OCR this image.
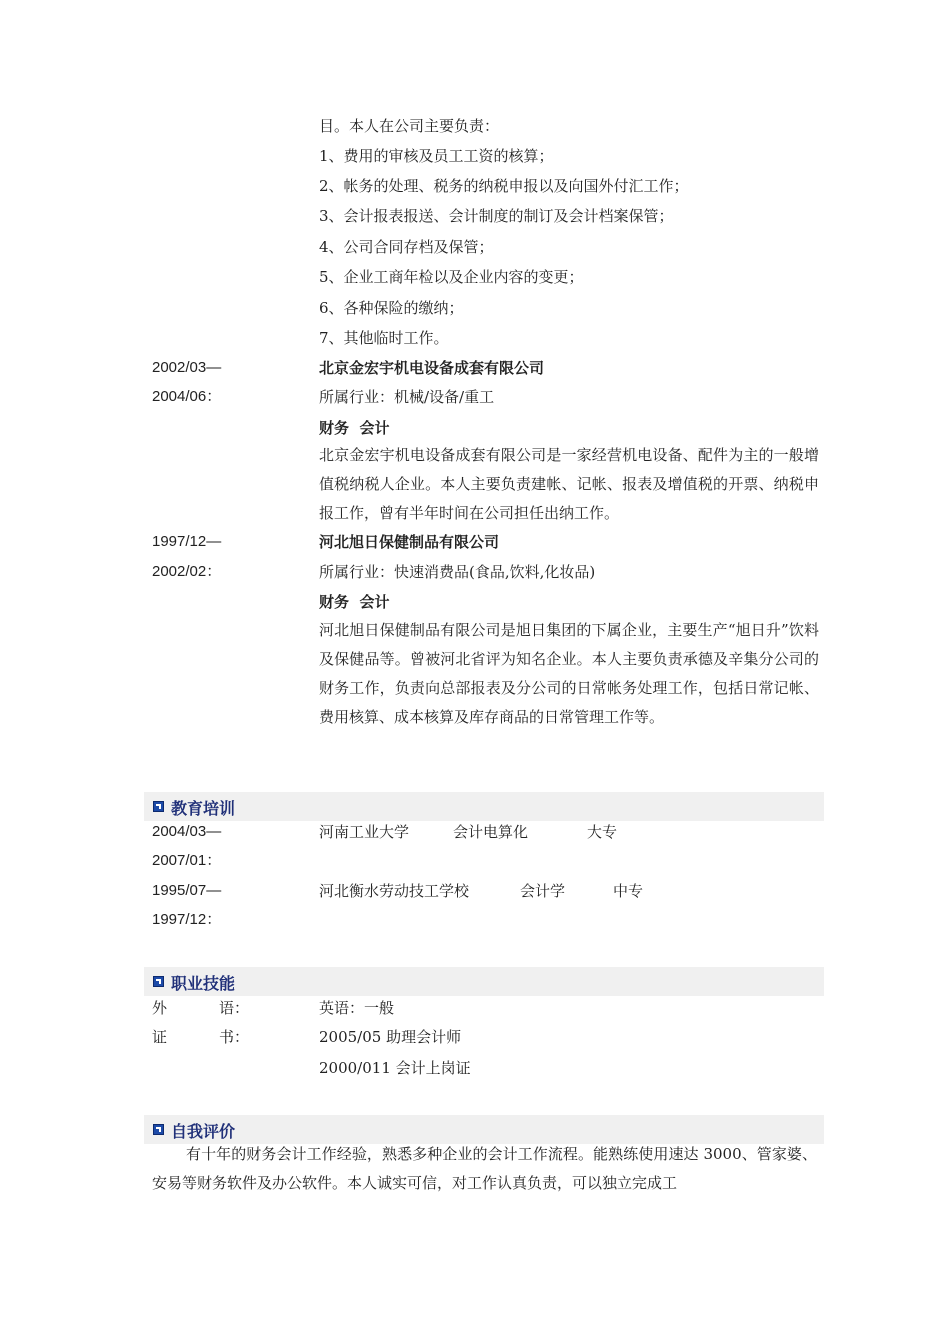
目。本人在公司主要负责：
1、费用的审核及员工工资的核算；
2、帐务的处理、税务的纳税申报以及向国外付汇工作；
3、会计报表报送、会计制度的制订及会计档案保管；
4、公司合同存档及保管；
5、企业工商年检以及企业内容的变更；
6、各种保险的缴纳；
7、其他临时工作。
2002/03—	北京金宏宇机电设备成套有限公司
2004/06：	所属行业：机械/设备/重工
财务  会计
北京金宏宇机电设备成套有限公司是一家经营机电设备、配件为主的一般增值税纳税人企业。本人主要负责建帐、记帐、报表及增值税的开票、纳税申报工作，曾有半年时间在公司担任出纳工作。
1997/12—	河北旭日保健制品有限公司
2002/02：	所属行业：快速消费品(食品,饮料,化妆品)
财务  会计
河北旭日保健制品有限公司是旭日集团的下属企业，主要生产“旭日升”饮料及保健品等。曾被河北省评为知名企业。本人主要负责承德及辛集分公司的财务工作，负责向总部报表及分公司的日常帐务处理工作，包括日常记帐、费用核算、成本核算及库存商品的日常管理工作等。
教育培训
2004/03—	河南工业大学	会计电算化	大专
2007/01：
1995/07—	河北衡水劳动技工学校	会计学	中专
1997/12：
职业技能
外	语：	英语：一般
证	书：	2005/05 助理会计师
2000/011 会计上岗证
自我评价
有十年的财务会计工作经验，熟悉多种企业的会计工作流程。能熟练使用速达 3000、管家婆、安易等财务软件及办公软件。本人诚实可信，对工作认真负责，可以独立完成工
